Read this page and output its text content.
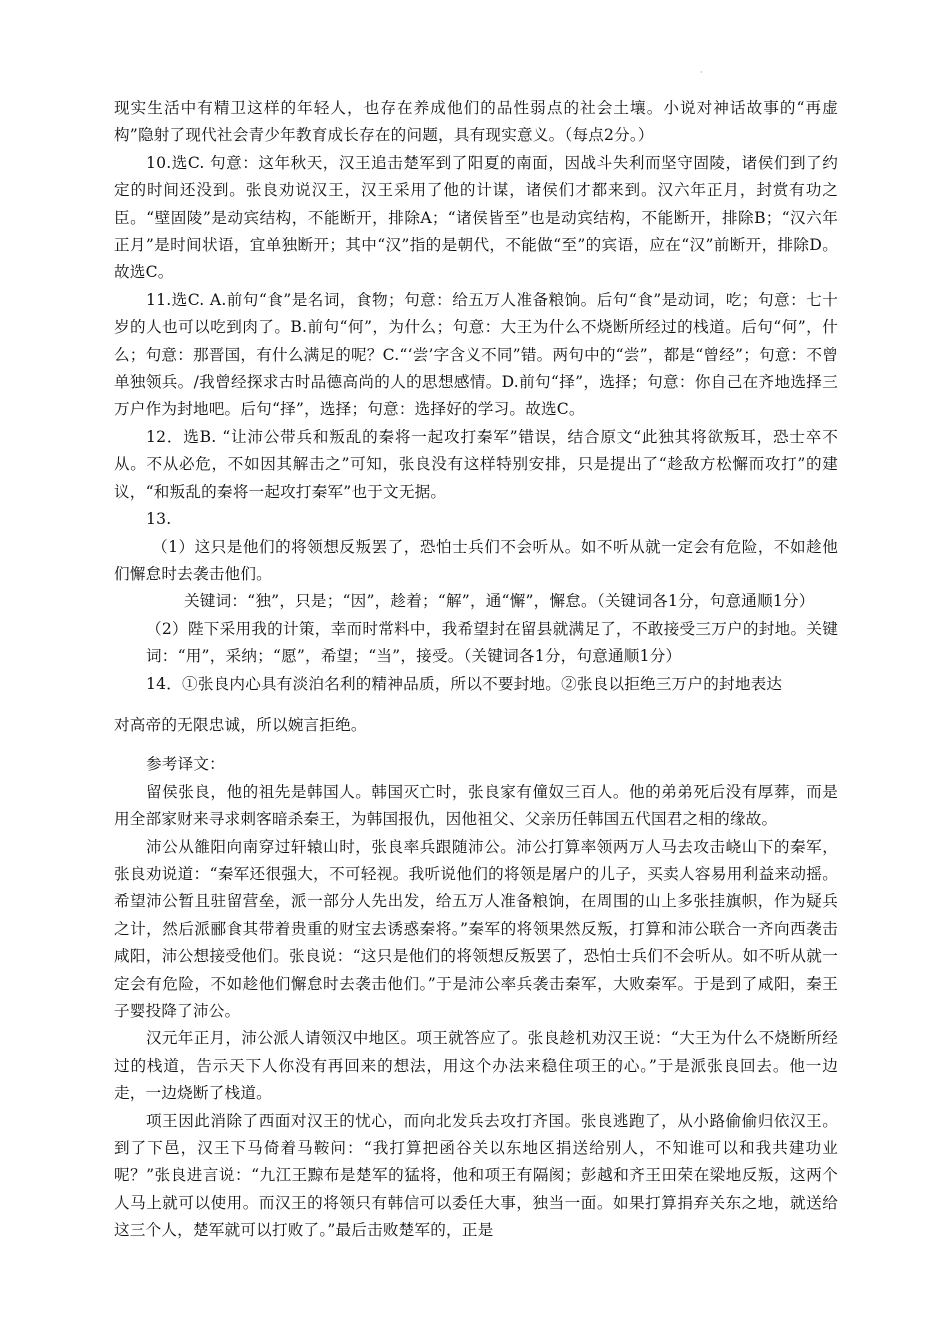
·

现实生活中有精卫这样的年轻人，也存在养成他们的品性弱点的社会土壤。小说对神话故事的“再虚构”隐射了现代社会青少年教育成长存在的问题，具有现实意义。（每点2分。）

10.选C. 句意：这年秋天，汉王追击楚军到了阳夏的南面，因战斗失利而坚守固陵，诸侯们到了约定的时间还没到。张良劝说汉王，汉王采用了他的计谋，诸侯们才都来到。汉六年正月，封赏有功之臣。“壁固陵”是动宾结构，不能断开，排除A；“诸侯皆至”也是动宾结构，不能断开，排除B；“汉六年正月”是时间状语，宜单独断开；其中“汉”指的是朝代，不能做“至”的宾语，应在“汉”前断开，排除D。故选C。

11.选C. A.前句“食”是名词，食物；句意：给五万人准备粮饷。后句“食”是动词，吃；句意：七十岁的人也可以吃到肉了。B.前句“何”，为什么；句意：大王为什么不烧断所经过的栈道。后句“何”，什么；句意：那晋国，有什么满足的呢？C.“‘尝’字含义不同”错。两句中的“尝”，都是“曾经”；句意：不曾单独领兵。/我曾经探求古时品德高尚的人的思想感情。D.前句“择”，选择；句意：你自己在齐地选择三万户作为封地吧。后句“择”，选择；句意：选择好的学习。故选C。

12．选B. “让沛公带兵和叛乱的秦将一起攻打秦军”错误，结合原文“此独其将欲叛耳，恐士卒不从。不从必危，不如因其解击之”可知，张良没有这样特别安排，只是提出了“趁敌方松懈而攻打”的建议，“和叛乱的秦将一起攻打秦军”也于文无据。

13.

（1）这只是他们的将领想反叛罢了，恐怕士兵们不会听从。如不听从就一定会有危险，不如趁他们懈怠时去袭击他们。

关键词：“独”，只是；“因”，趁着；“解”，通“懈”，懈怠。（关键词各1分，句意通顺1分）

（2）陛下采用我的计策，幸而时常料中，我希望封在留县就满足了，不敢接受三万户的封地。关键词：“用”，采纳；“愿”，希望；“当”，接受。（关键词各1分，句意通顺1分）

14．①张良内心具有淡泊名利的精神品质，所以不要封地。②张良以拒绝三万户的封地表达

对高帝的无限忠诚，所以婉言拒绝。

参考译文：

留侯张良，他的祖先是韩国人。韩国灭亡时，张良家有僮奴三百人。他的弟弟死后没有厚葬，而是用全部家财来寻求刺客暗杀秦王，为韩国报仇，因他祖父、父亲历任韩国五代国君之相的缘故。

沛公从雒阳向南穿过轩辕山时，张良率兵跟随沛公。沛公打算率领两万人马去攻击峣山下的秦军，张良劝说道：“秦军还很强大，不可轻视。我听说他们的将领是屠户的儿子，买卖人容易用利益来动摇。希望沛公暂且驻留营垒，派一部分人先出发，给五万人准备粮饷，在周围的山上多张挂旗帜，作为疑兵之计，然后派郦食其带着贵重的财宝去诱惑秦将。”秦军的将领果然反叛，打算和沛公联合一齐向西袭击咸阳，沛公想接受他们。张良说：“这只是他们的将领想反叛罢了，恐怕士兵们不会听从。如不听从就一定会有危险，不如趁他们懈怠时去袭击他们。”于是沛公率兵袭击秦军，大败秦军。于是到了咸阳，秦王子婴投降了沛公。

汉元年正月，沛公派人请领汉中地区。项王就答应了。张良趁机劝汉王说：“大王为什么不烧断所经过的栈道，告示天下人你没有再回来的想法，用这个办法来稳住项王的心。”于是派张良回去。他一边走，一边烧断了栈道。

项王因此消除了西面对汉王的忧心，而向北发兵去攻打齐国。张良逃跑了，从小路偷偷归依汉王。到了下邑，汉王下马倚着马鞍问：“我打算把函谷关以东地区捐送给别人，不知谁可以和我共建功业呢？”张良进言说：“九江王黥布是楚军的猛将，他和项王有隔阂；彭越和齐王田荣在梁地反叛，这两个人马上就可以使用。而汉王的将领只有韩信可以委任大事，独当一面。如果打算捐弃关东之地，就送给这三个人，楚军就可以打败了。”最后击败楚军的，正是
